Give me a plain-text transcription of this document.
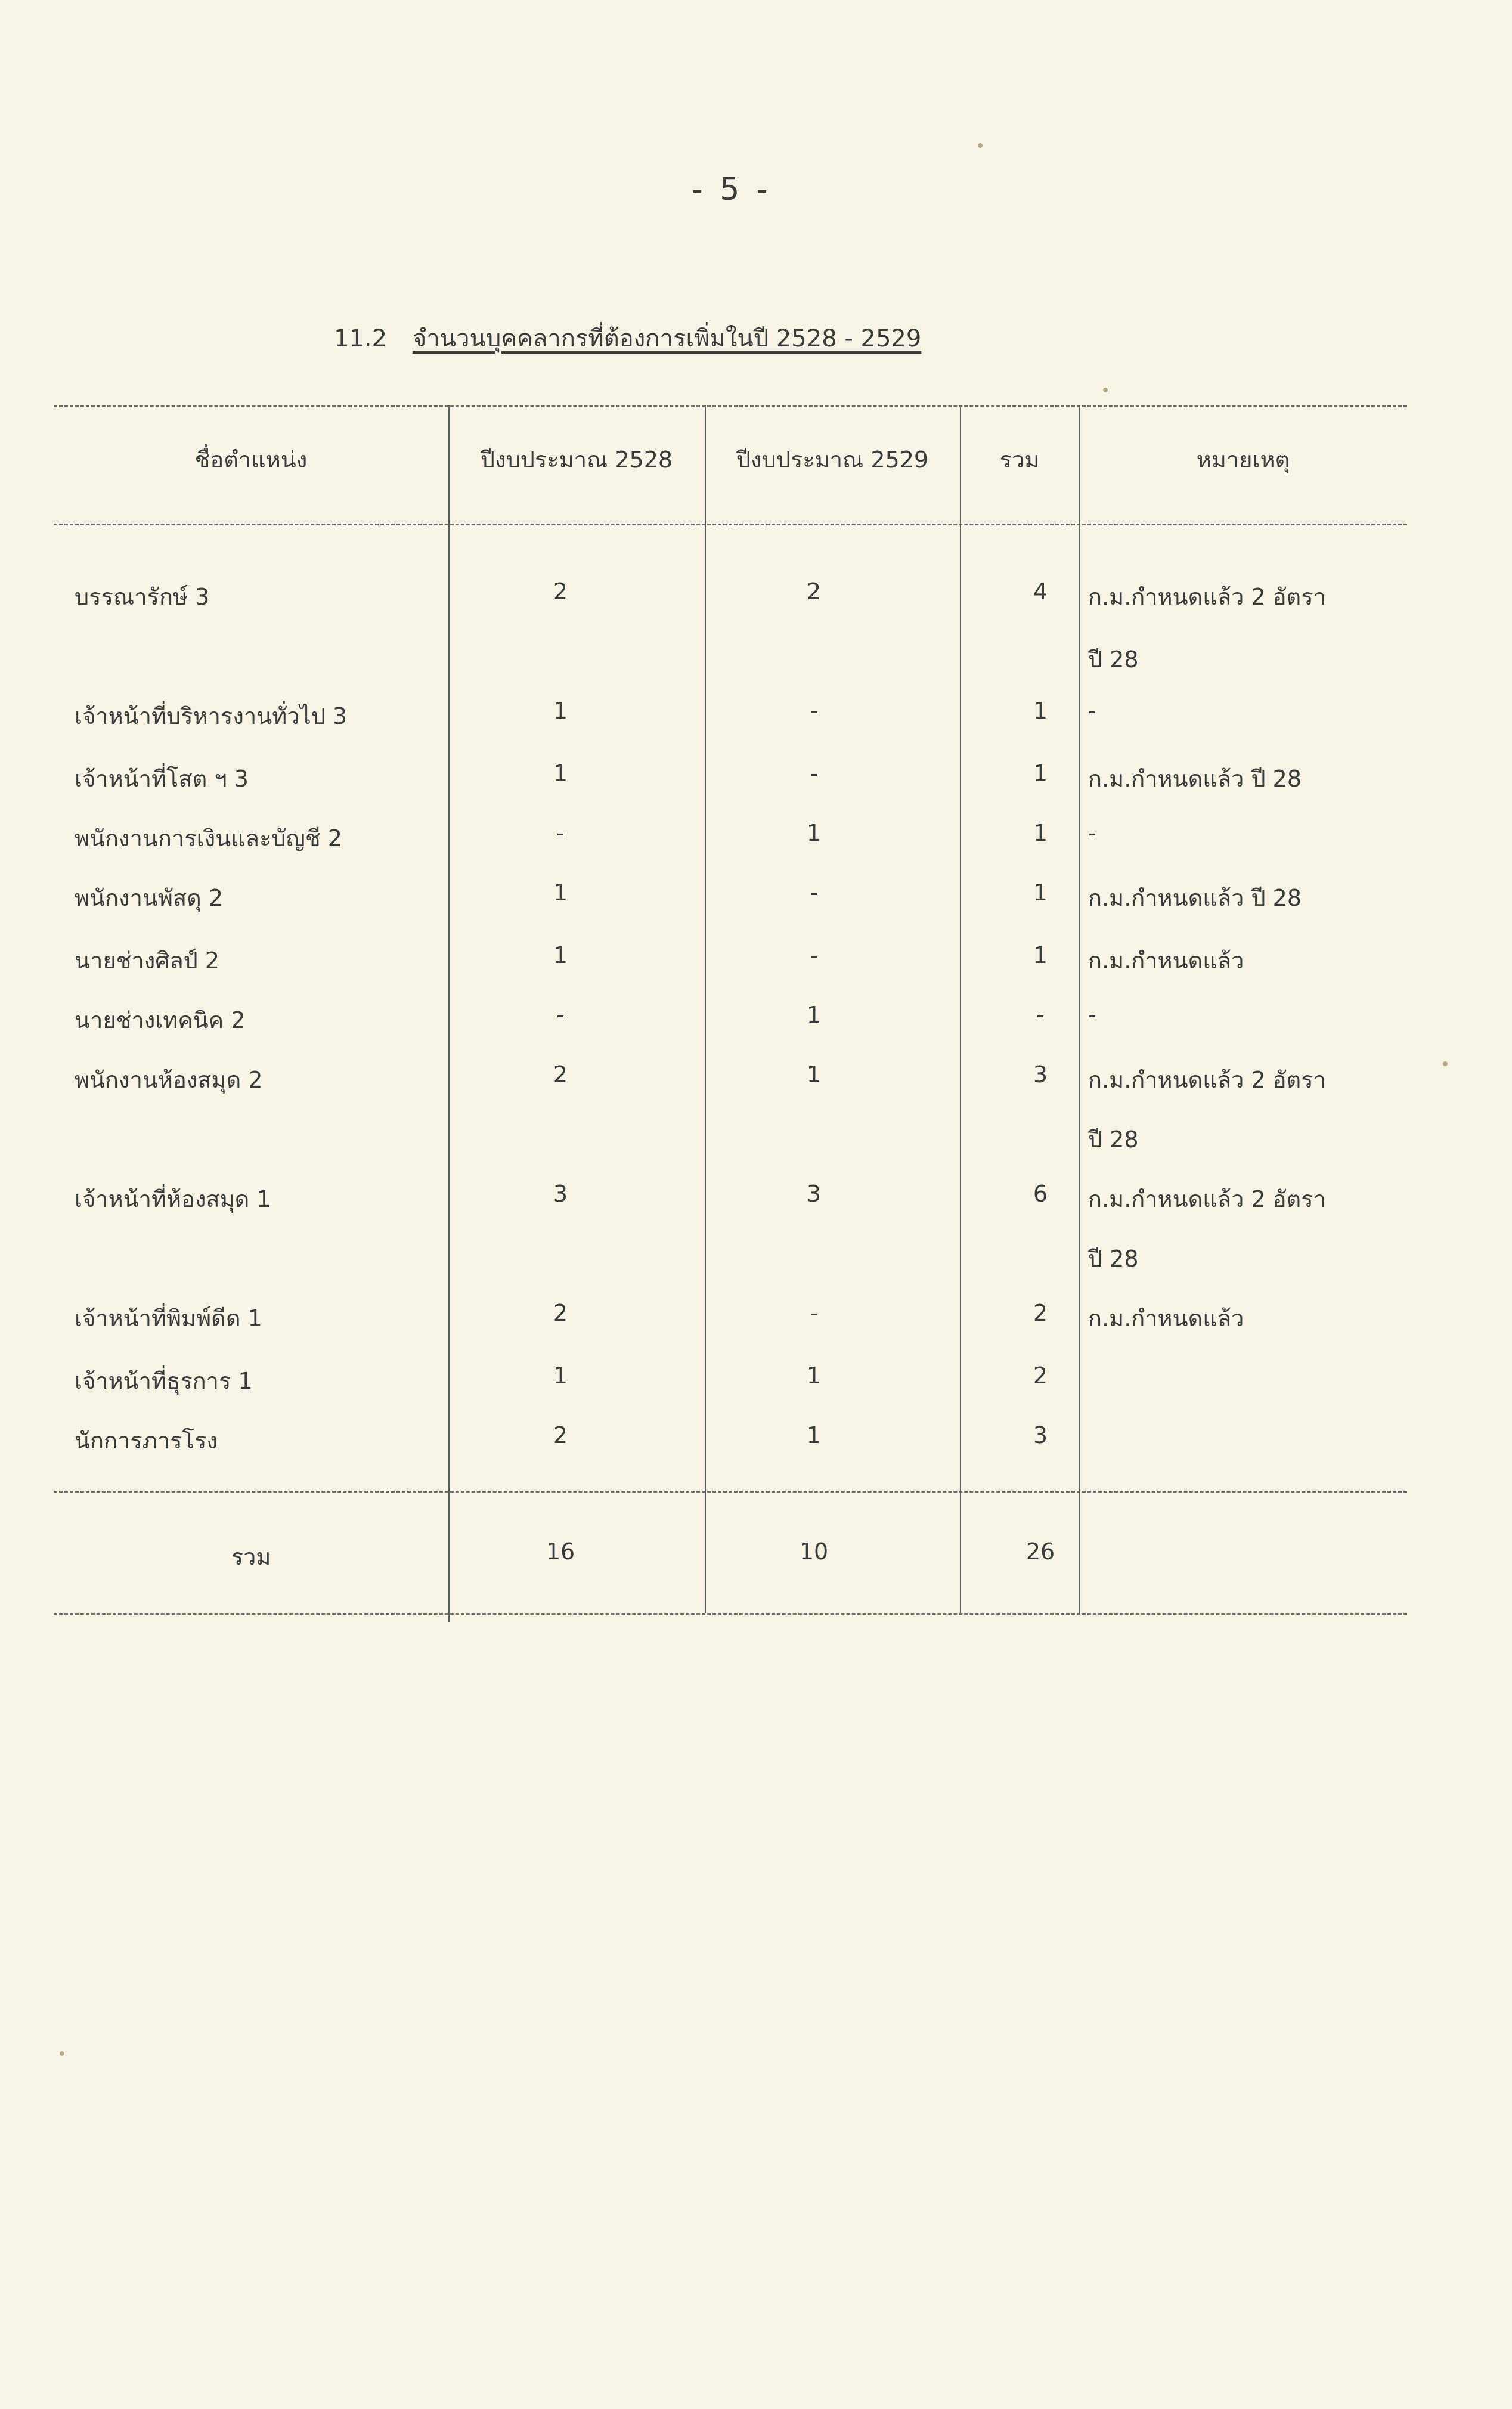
- 5 -
11.2 จำนวนบุคคลากรที่ต้องการเพิ่มในปี 2528 - 2529
ชื่อตำแหน่ง	ปีงบประมาณ 2528	ปีงบประมาณ 2529	รวม	หมายเหตุ
บรรณารักษ์ 3	2	2	4	ก.ม.กำหนดแล้ว 2 อัตรา
ปี 28
เจ้าหน้าที่บริหารงานทั่วไป 3	1	-	1	-
เจ้าหน้าที่โสต ฯ 3	1	-	1	ก.ม.กำหนดแล้ว ปี 28
พนักงานการเงินและบัญชี 2	-	1	1	-
พนักงานพัสดุ 2	1	-	1	ก.ม.กำหนดแล้ว ปี 28
นายช่างศิลป์ 2	1	-	1	ก.ม.กำหนดแล้ว
นายช่างเทคนิค 2	-	1	-	-
พนักงานห้องสมุด 2	2	1	3	ก.ม.กำหนดแล้ว 2 อัตรา
ปี 28
เจ้าหน้าที่ห้องสมุด 1	3	3	6	ก.ม.กำหนดแล้ว 2 อัตรา
ปี 28
เจ้าหน้าที่พิมพ์ดีด 1	2	-	2	ก.ม.กำหนดแล้ว
เจ้าหน้าที่ธุรการ 1	1	1	2
นักการภารโรง	2	1	3
รวม	16	10	26
